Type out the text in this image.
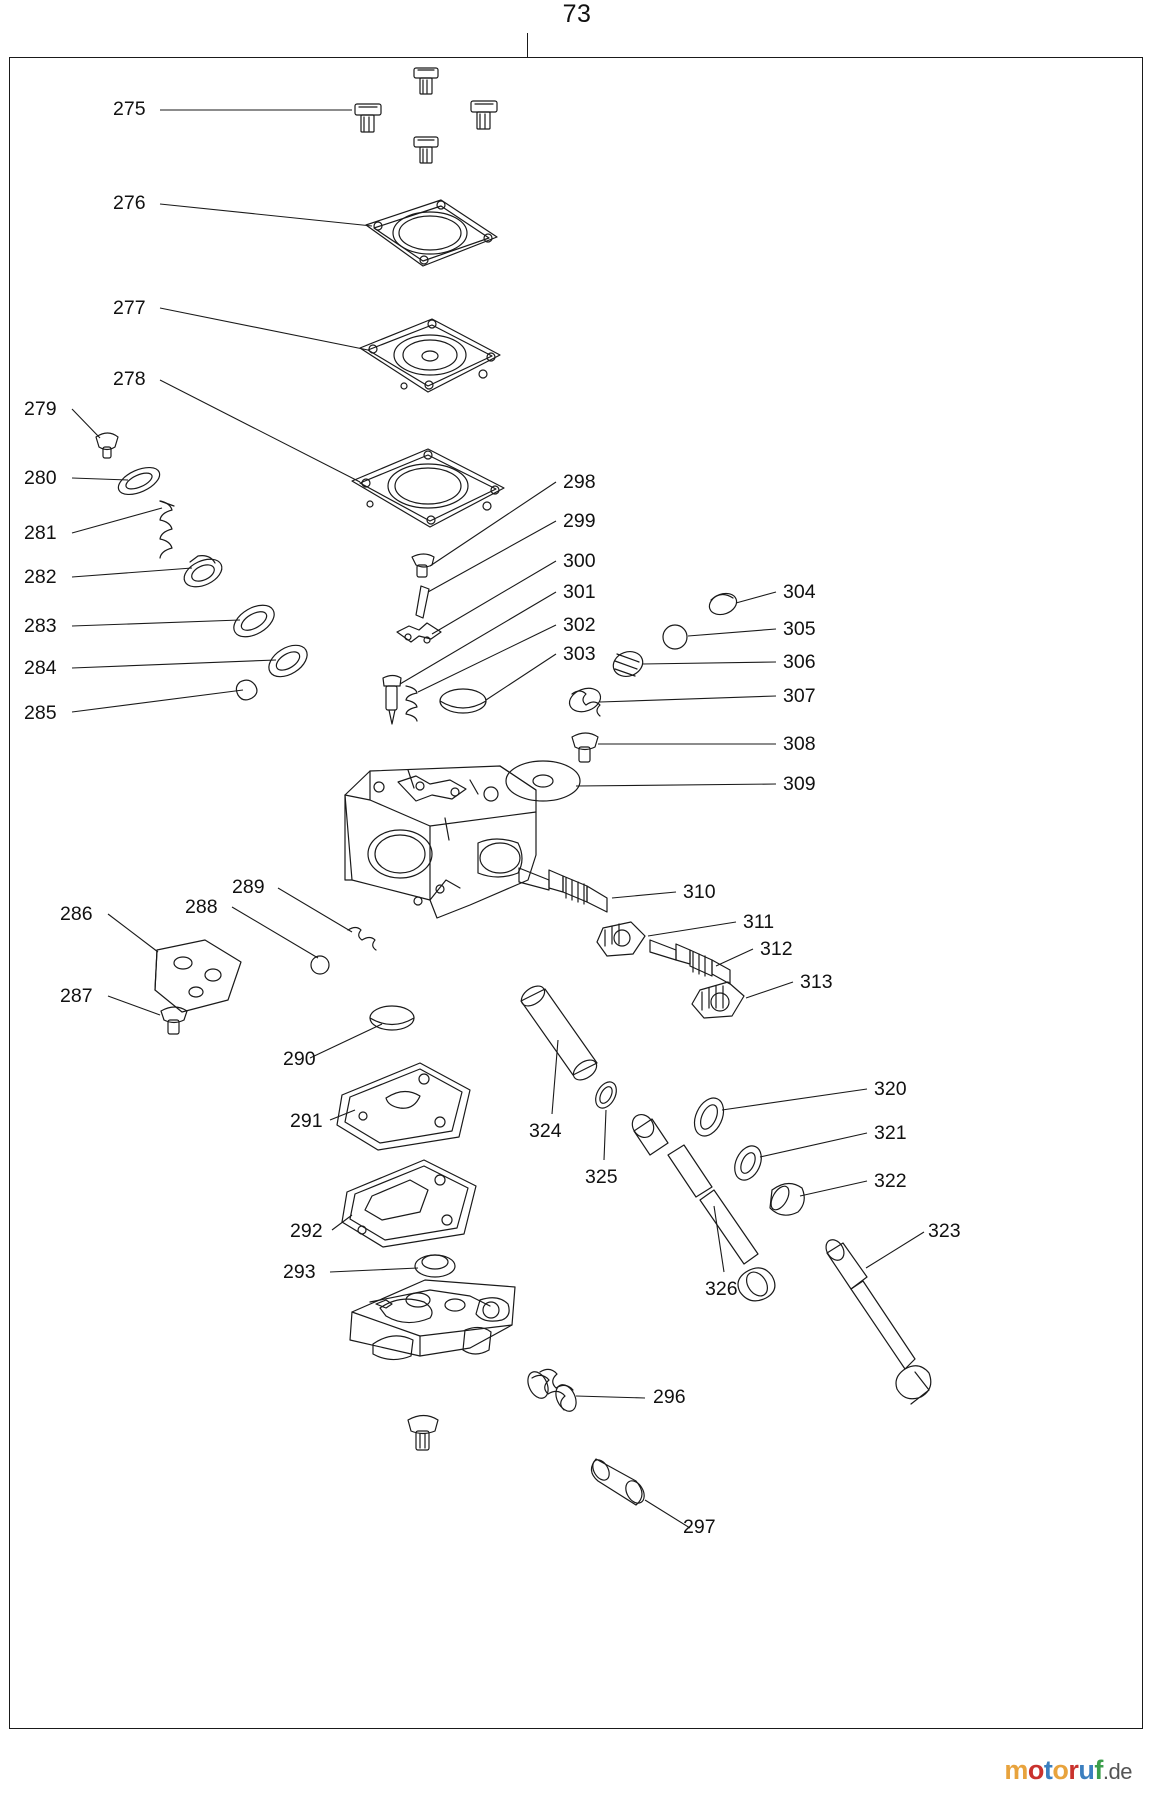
73
275
276
277
278
279
280
281
282
283
284
285
286
287
288
289
290
291
292
293
296
297
298
299
300
301
302
303
304
305
306
307
308
309
310
311
312
313
320
321
322
323
324
325
326
motoruf.de
